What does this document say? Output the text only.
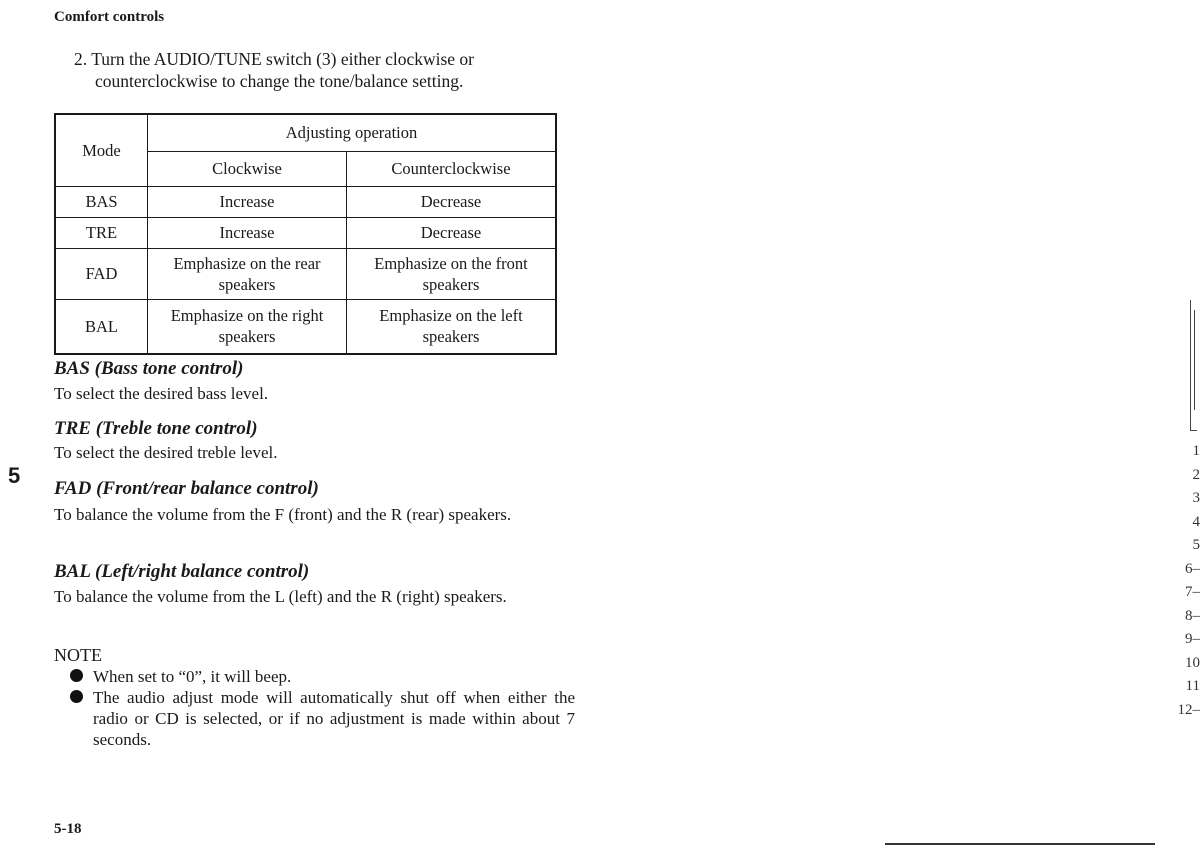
Comfort controls
2. Turn the AUDIO/TUNE switch (3) either clockwise or
counterclockwise to change the tone/balance setting.
Mode	Adjusting operation	
	Clockwise	Counterclockwise
BAS	Increase	Decrease
TRE	Increase	Decrease
FAD	Emphasize on the rear speakers	Emphasize on the front speakers
BAL	Emphasize on the right speakers	Emphasize on the left speakers
BAS (Bass tone control)
To select the desired bass level.
TRE (Treble tone control)
To select the desired treble level.
5
FAD (Front/rear balance control)
To balance the volume from the F (front) and the R (rear) speakers.
BAL (Left/right balance control)
To balance the volume from the L (left) and the R (right) speakers.
NOTE
When set to “0”, it will beep.
The audio adjust mode will automatically shut off when either the radio or CD is selected, or if no adjustment is made within about 7 seconds.
5-18
1
2
3
4
5
6–
7–
8–
9–
10
11
12–
